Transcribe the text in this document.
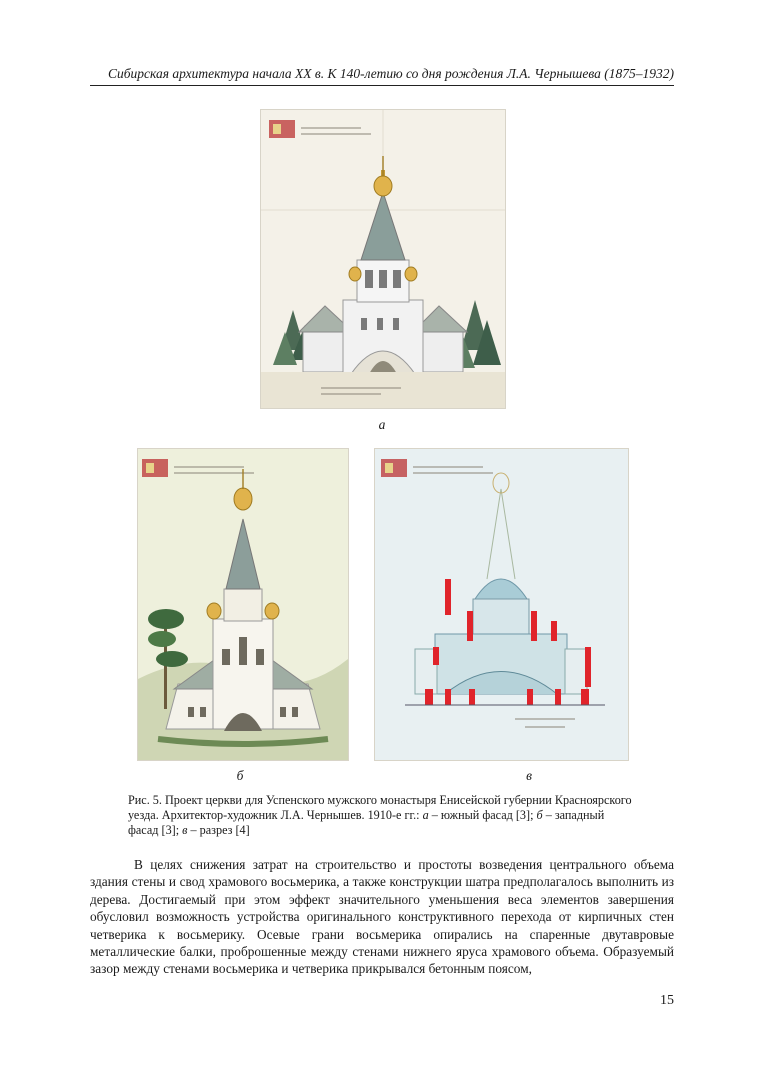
Сибирская архитектура начала XX в. К 140-летию со дня рождения Л.А. Чернышева (1875–1932)
а
б	в
Рис. 5. Проект церкви для Успенского мужского монастыря Енисейской губернии Красноярского
уезда. Архитектор-художник Л.А. Чернышев. 1910-е гг.: а – южный фасад [3]; б – западный
фасад [3]; в – разрез [4]

В целях снижения затрат на строительство и простоты возведения центрального объема здания стены и свод храмового восьмерика, а также конструкции шатра предполагалось выполнить из дерева. Достигаемый при этом эффект значительного уменьшения веса элементов завершения обусловил возможность устройства оригинального конструктивного перехода от кирпичных стен четверика к восьмерику. Осевые грани восьмерика опирались на спаренные двутавровые металлические балки, проброшенные между стенами нижнего яруса храмового объема. Образуемый зазор между стенами восьмерика и четверика прикрывался бетонным поясом,

15
